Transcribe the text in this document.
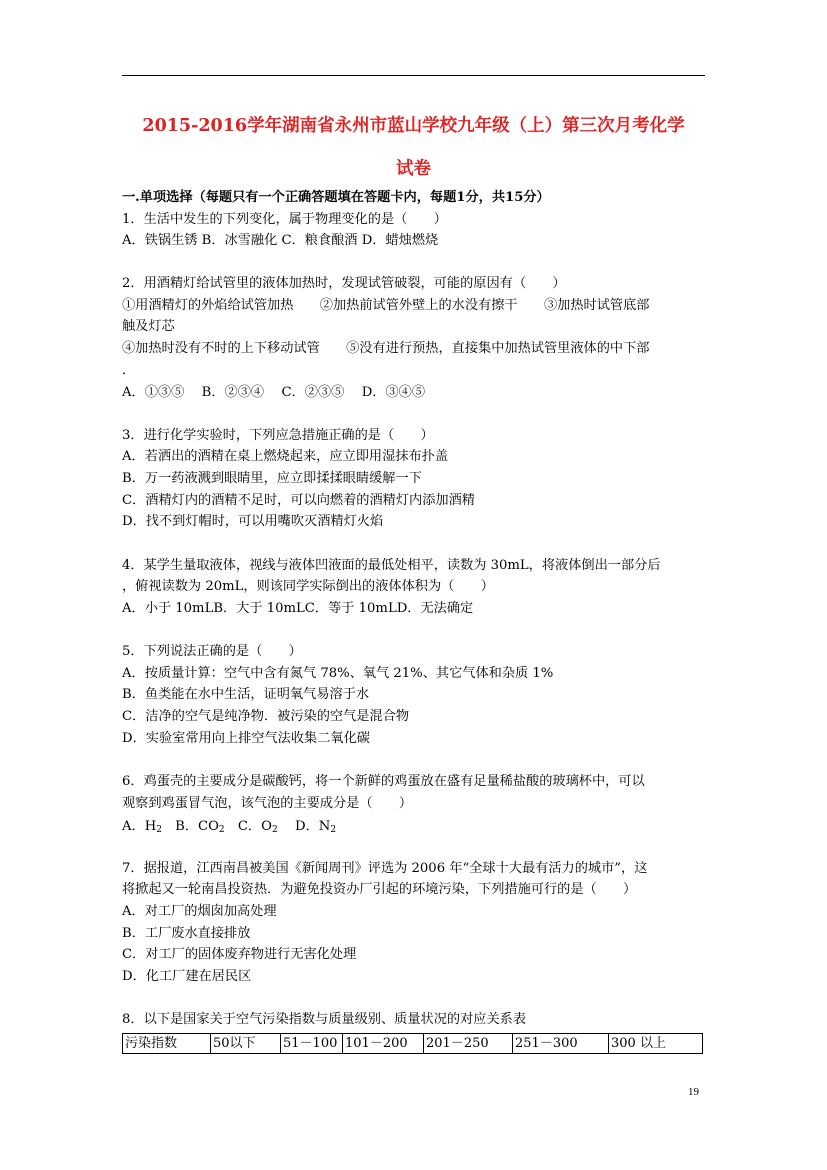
2015-2016学年湖南省永州市蓝山学校九年级（上）第三次月考化学
试卷
一.单项选择（每题只有一个正确答题填在答题卡内，每题1分，共15分）
1．生活中发生的下列变化，属于物理变化的是（　　）
A．铁锅生锈 B．冰雪融化 C．粮食酿酒 D．蜡烛燃烧
2．用酒精灯给试管里的液体加热时，发现试管破裂，可能的原因有（　　）
①用酒精灯的外焰给试管加热　　②加热前试管外壁上的水没有擦干　　③加热时试管底部
触及灯芯
④加热时没有不时的上下移动试管　　⑤没有进行预热，直接集中加热试管里液体的中下部
．
A．①③⑤　 B．②③④　 C．②③⑤　 D．③④⑤
3．进行化学实验时，下列应急措施正确的是（　　）
A．若洒出的酒精在桌上燃烧起来，应立即用湿抹布扑盖
B．万一药液溅到眼睛里，应立即揉揉眼睛缓解一下
C．酒精灯内的酒精不足时，可以向燃着的酒精灯内添加酒精
D．找不到灯帽时，可以用嘴吹灭酒精灯火焰
4．某学生量取液体，视线与液体凹液面的最低处相平，读数为 30mL，将液体倒出一部分后
，俯视读数为 20mL，则该同学实际倒出的液体体积为（　　）
A．小于 10mLB．大于 10mLC．等于 10mLD．无法确定
5．下列说法正确的是（　　）
A．按质量计算：空气中含有氮气 78%、氧气 21%、其它气体和杂质 1%
B．鱼类能在水中生活，证明氧气易溶于水
C．洁净的空气是纯净物．被污染的空气是混合物
D．实验室常用向上排空气法收集二氧化碳
6．鸡蛋壳的主要成分是碳酸钙，将一个新鲜的鸡蛋放在盛有足量稀盐酸的玻璃杯中，可以
观察到鸡蛋冒气泡，该气泡的主要成分是（　　）
A．$H_2$　B．$CO_2$　C．$O_2$　 D．$N_2$
7．据报道，江西南昌被美国《新闻周刊》评选为 2006 年“全球十大最有活力的城市”，这
将掀起又一轮南昌投资热．为避免投资办厂引起的环境污染，下列措施可行的是（　　）
A．对工厂的烟囱加高处理
B．工厂废水直接排放
C．对工厂的固体废弃物进行无害化处理
D．化工厂建在居民区
8．以下是国家关于空气污染指数与质量级别、质量状况的对应关系表
污染指数	50以下	51－100	101－200	201－250	251－300	300 以上
19
